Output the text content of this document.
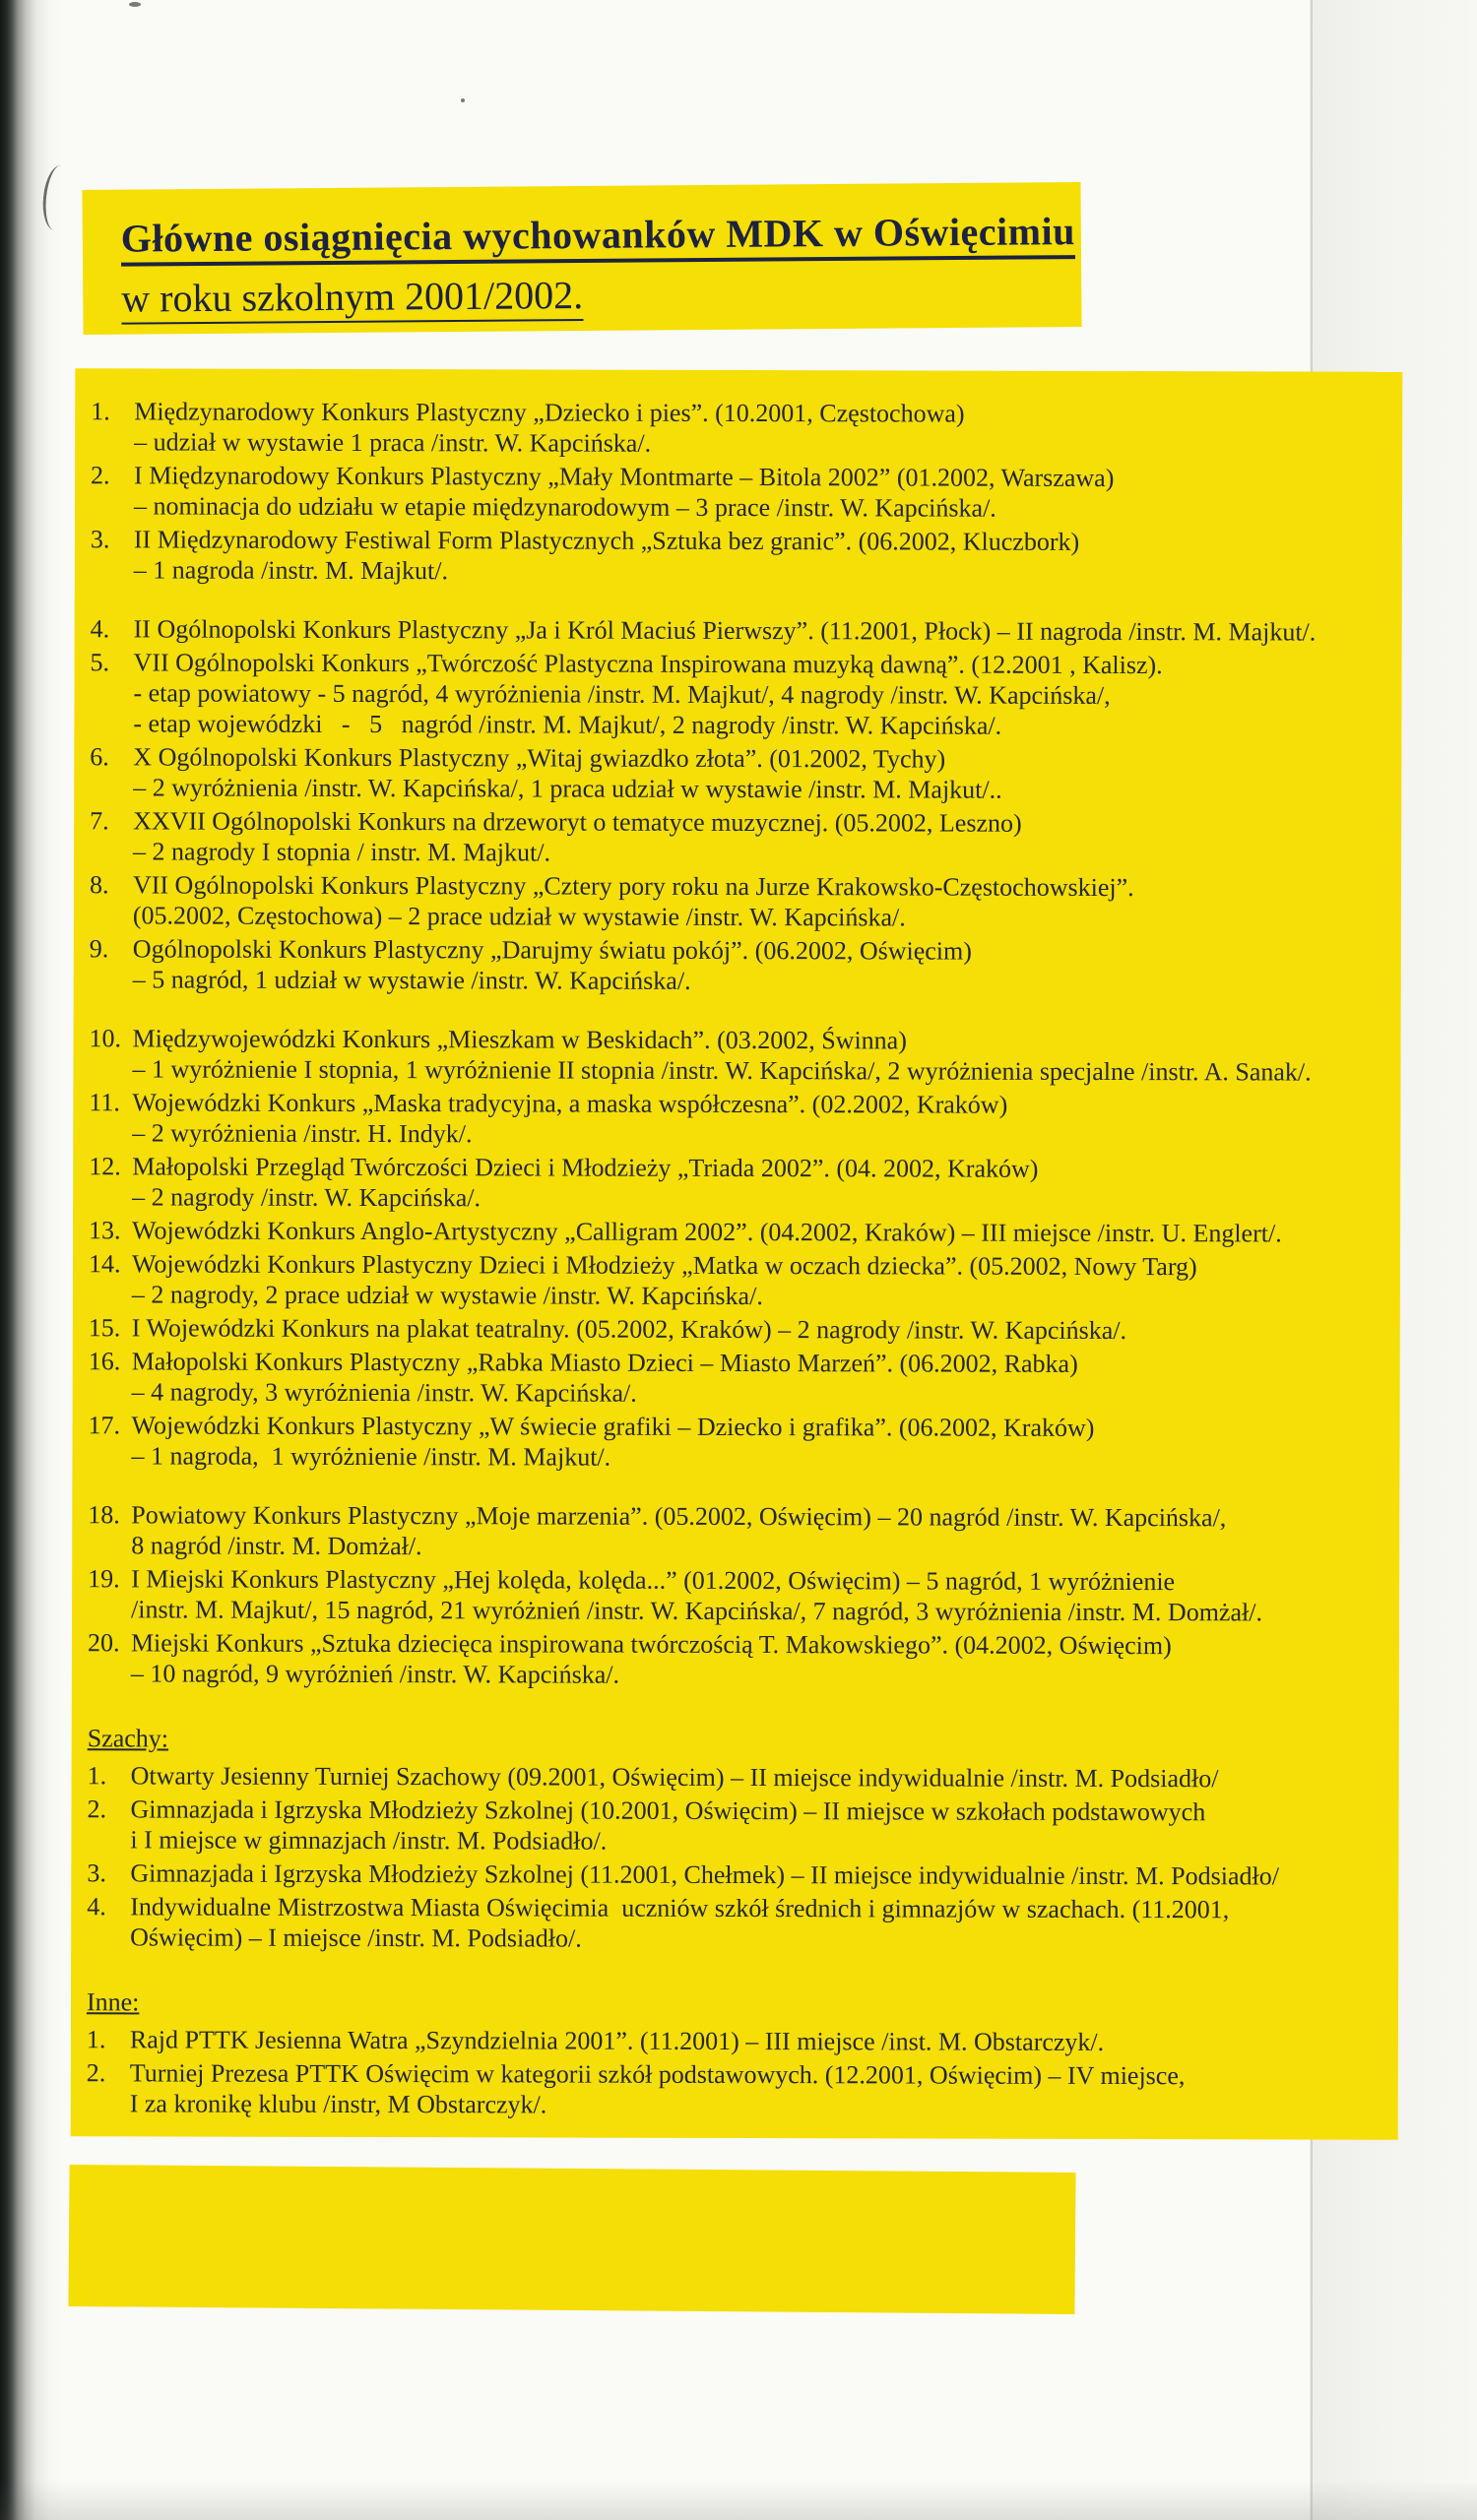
Główne osiągnięcia wychowanków MDK w Oświęcimiu
w roku szkolnym 2001/2002.
1. Międzynarodowy Konkurs Plastyczny „Dziecko i pies”. (10.2001, Częstochowa)
– udział w wystawie 1 praca /instr. W. Kapcińska/.
2. I Międzynarodowy Konkurs Plastyczny „Mały Montmarte – Bitola 2002” (01.2002, Warszawa)
– nominacja do udziału w etapie międzynarodowym – 3 prace /instr. W. Kapcińska/.
3. II Międzynarodowy Festiwal Form Plastycznych „Sztuka bez granic”. (06.2002, Kluczbork)
– 1 nagroda /instr. M. Majkut/.
4. II Ogólnopolski Konkurs Plastyczny „Ja i Król Maciuś Pierwszy”. (11.2001, Płock) – II nagroda /instr. M. Majkut/.
5. VII Ogólnopolski Konkurs „Twórczość Plastyczna Inspirowana muzyką dawną”. (12.2001 , Kalisz).
- etap powiatowy - 5 nagród, 4 wyróżnienia /instr. M. Majkut/, 4 nagrody /instr. W. Kapcińska/,
- etap wojewódzki   -   5   nagród /instr. M. Majkut/, 2 nagrody /instr. W. Kapcińska/.
6. X Ogólnopolski Konkurs Plastyczny „Witaj gwiazdko złota”. (01.2002, Tychy)
– 2 wyróżnienia /instr. W. Kapcińska/, 1 praca udział w wystawie /instr. M. Majkut/..
7. XXVII Ogólnopolski Konkurs na drzeworyt o tematyce muzycznej. (05.2002, Leszno)
– 2 nagrody I stopnia / instr. M. Majkut/.
8. VII Ogólnopolski Konkurs Plastyczny „Cztery pory roku na Jurze Krakowsko-Częstochowskiej”.
(05.2002, Częstochowa) – 2 prace udział w wystawie /instr. W. Kapcińska/.
9. Ogólnopolski Konkurs Plastyczny „Darujmy światu pokój”. (06.2002, Oświęcim)
– 5 nagród, 1 udział w wystawie /instr. W. Kapcińska/.
10. Międzywojewódzki Konkurs „Mieszkam w Beskidach”. (03.2002, Świnna)
– 1 wyróżnienie I stopnia, 1 wyróżnienie II stopnia /instr. W. Kapcińska/, 2 wyróżnienia specjalne /instr. A. Sanak/.
11. Wojewódzki Konkurs „Maska tradycyjna, a maska współczesna”. (02.2002, Kraków)
– 2 wyróżnienia /instr. H. Indyk/.
12. Małopolski Przegląd Twórczości Dzieci i Młodzieży „Triada 2002”. (04. 2002, Kraków)
– 2 nagrody /instr. W. Kapcińska/.
13. Wojewódzki Konkurs Anglo-Artystyczny „Calligram 2002”. (04.2002, Kraków) – III miejsce /instr. U. Englert/.
14. Wojewódzki Konkurs Plastyczny Dzieci i Młodzieży „Matka w oczach dziecka”. (05.2002, Nowy Targ)
– 2 nagrody, 2 prace udział w wystawie /instr. W. Kapcińska/.
15. I Wojewódzki Konkurs na plakat teatralny. (05.2002, Kraków) – 2 nagrody /instr. W. Kapcińska/.
16. Małopolski Konkurs Plastyczny „Rabka Miasto Dzieci – Miasto Marzeń”. (06.2002, Rabka)
– 4 nagrody, 3 wyróżnienia /instr. W. Kapcińska/.
17. Wojewódzki Konkurs Plastyczny „W świecie grafiki – Dziecko i grafika”. (06.2002, Kraków)
– 1 nagroda,  1 wyróżnienie /instr. M. Majkut/.
18. Powiatowy Konkurs Plastyczny „Moje marzenia”. (05.2002, Oświęcim) – 20 nagród /instr. W. Kapcińska/,
8 nagród /instr. M. Domżał/.
19. I Miejski Konkurs Plastyczny „Hej kolęda, kolęda...” (01.2002, Oświęcim) – 5 nagród, 1 wyróżnienie
/instr. M. Majkut/, 15 nagród, 21 wyróżnień /instr. W. Kapcińska/, 7 nagród, 3 wyróżnienia /instr. M. Domżał/.
20. Miejski Konkurs „Sztuka dziecięca inspirowana twórczością T. Makowskiego”. (04.2002, Oświęcim)
– 10 nagród, 9 wyróżnień /instr. W. Kapcińska/.
Szachy:
1. Otwarty Jesienny Turniej Szachowy (09.2001, Oświęcim) – II miejsce indywidualnie /instr. M. Podsiadło/
2. Gimnazjada i Igrzyska Młodzieży Szkolnej (10.2001, Oświęcim) – II miejsce w szkołach podstawowych
i I miejsce w gimnazjach /instr. M. Podsiadło/.
3. Gimnazjada i Igrzyska Młodzieży Szkolnej (11.2001, Chełmek) – II miejsce indywidualnie /instr. M. Podsiadło/
4. Indywidualne Mistrzostwa Miasta Oświęcimia  uczniów szkół średnich i gimnazjów w szachach. (11.2001,
Oświęcim) – I miejsce /instr. M. Podsiadło/.
Inne:
1. Rajd PTTK Jesienna Watra „Szyndzielnia 2001”. (11.2001) – III miejsce /inst. M. Obstarczyk/.
2. Turniej Prezesa PTTK Oświęcim w kategorii szkół podstawowych. (12.2001, Oświęcim) – IV miejsce,
I za kronikę klubu /instr, M Obstarczyk/.
